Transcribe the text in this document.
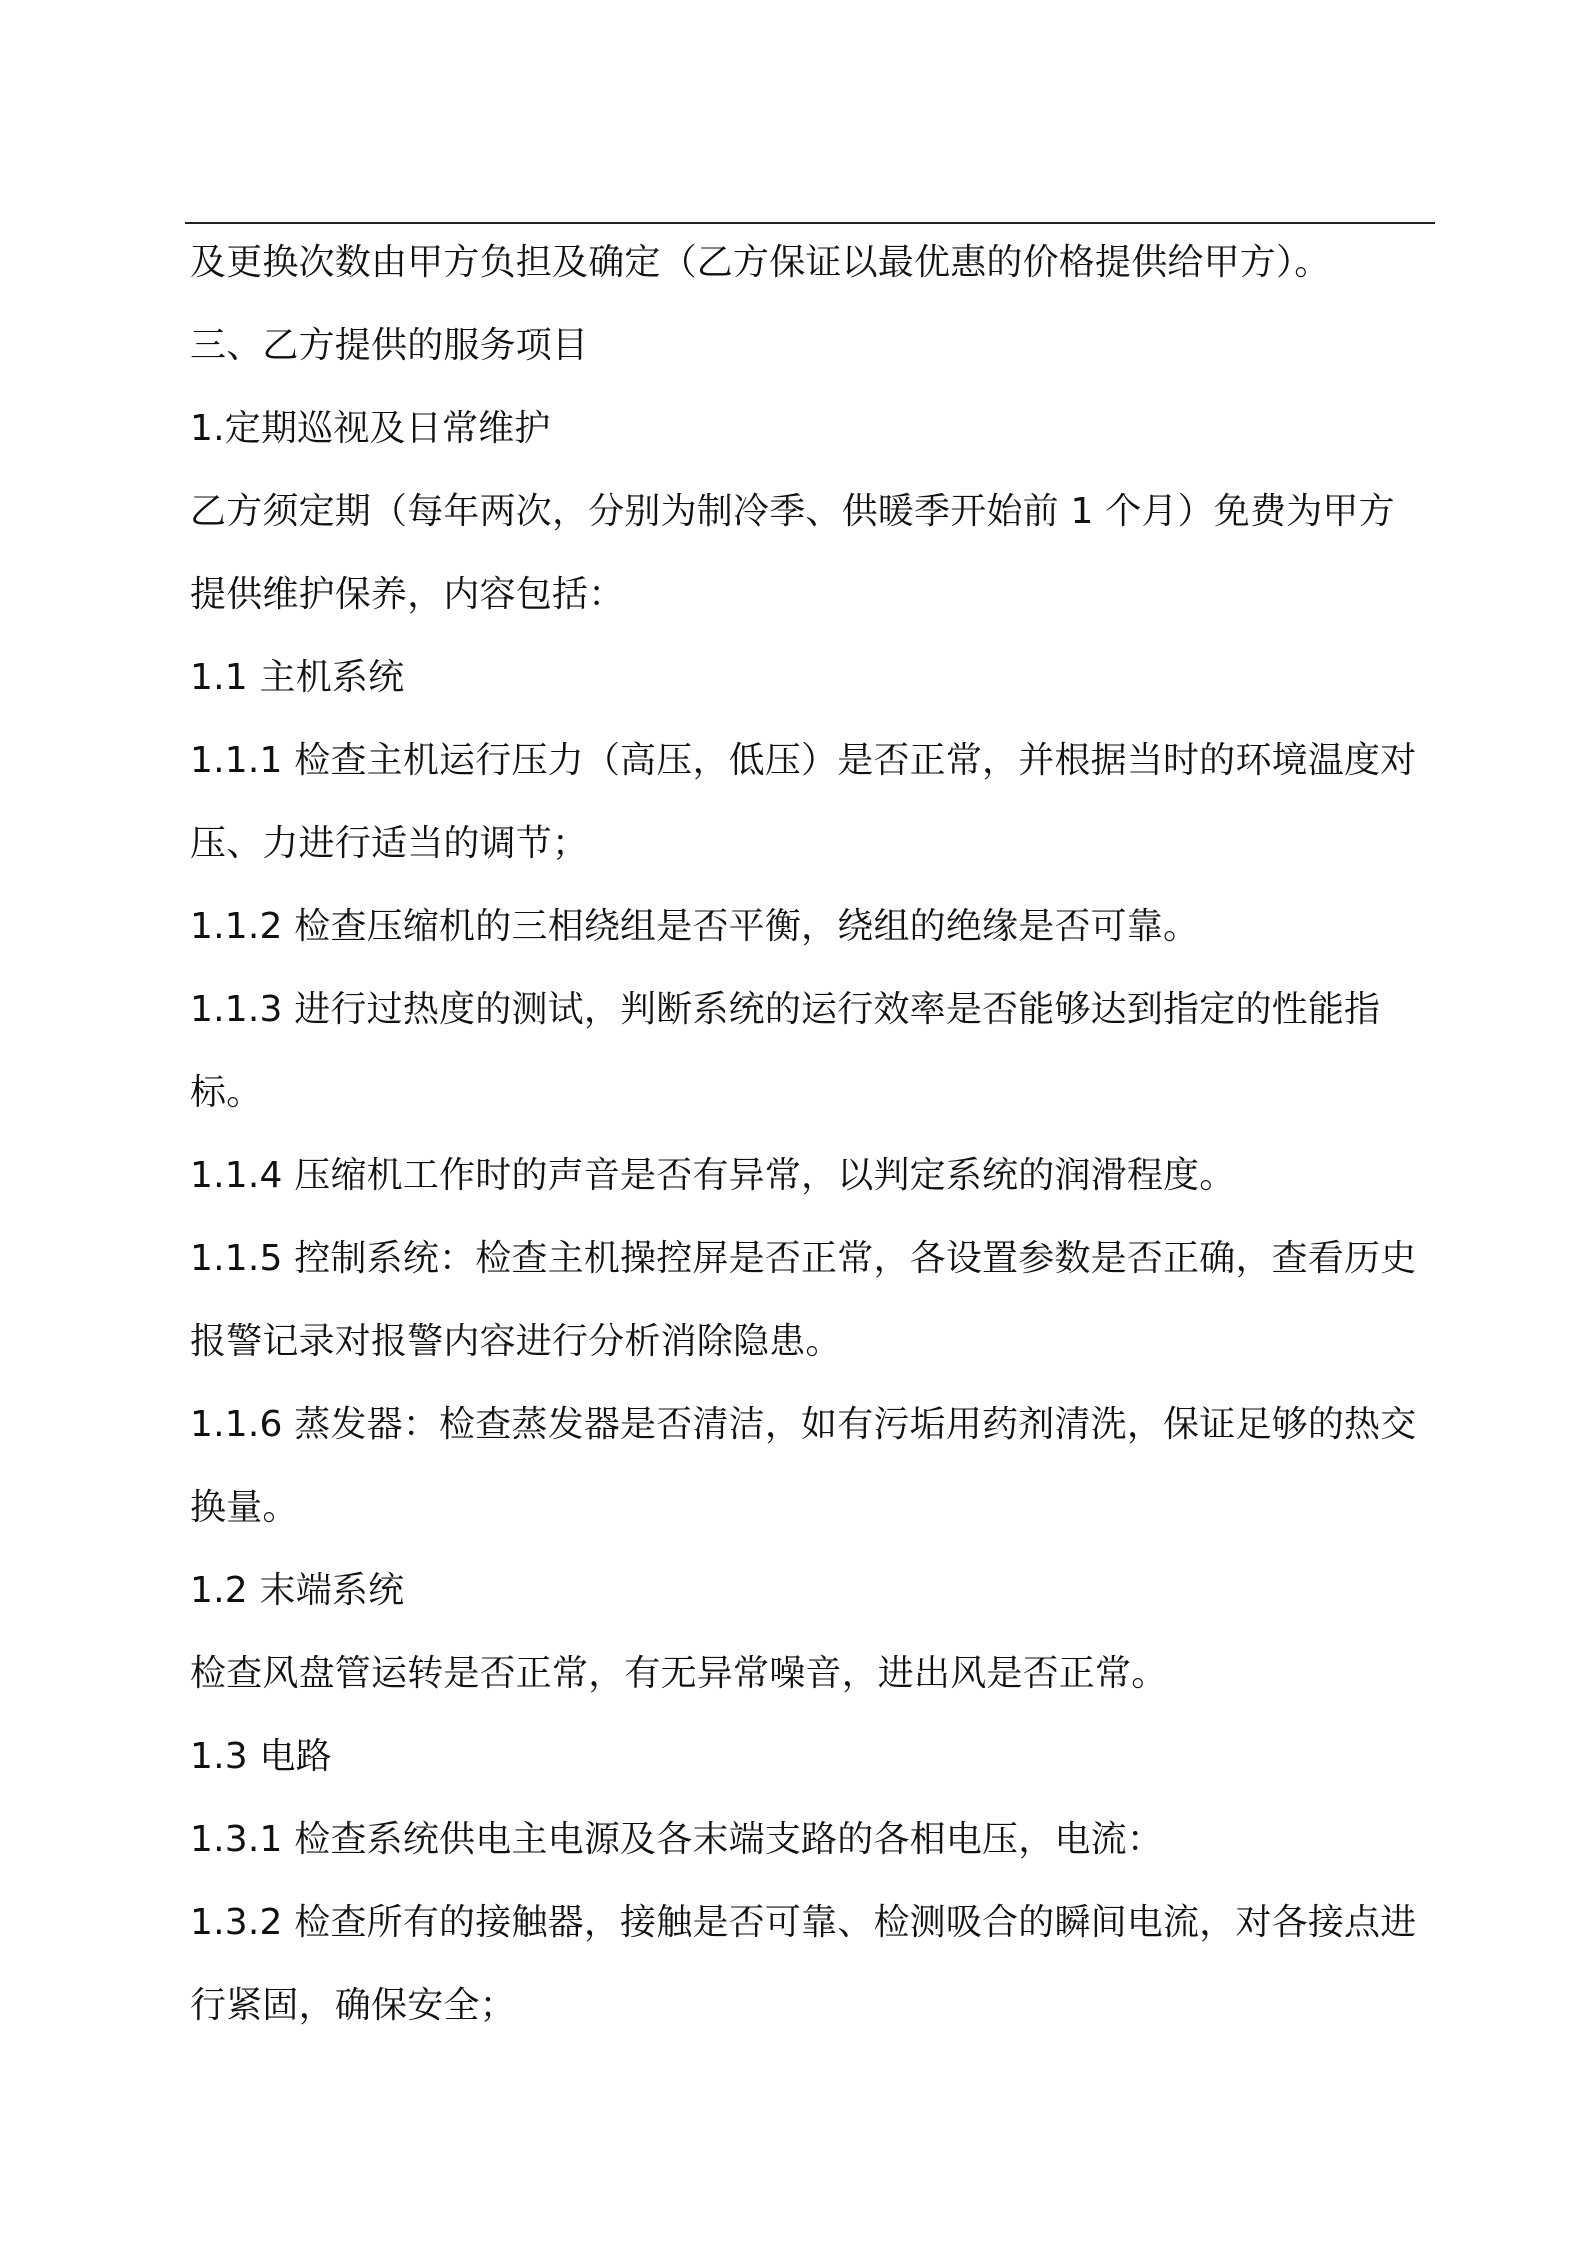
及更换次数由甲方负担及确定（乙方保证以最优惠的价格提供给甲方）。
三、乙方提供的服务项目
1.定期巡视及日常维护
乙方须定期（每年两次，分别为制冷季、供暖季开始前 1 个月）免费为甲方
提供维护保养，内容包括：
1.1 主机系统
1.1.1 检查主机运行压力（高压，低压）是否正常，并根据当时的环境温度对
压、力进行适当的调节；
1.1.2 检查压缩机的三相绕组是否平衡，绕组的绝缘是否可靠。
1.1.3 进行过热度的测试，判断系统的运行效率是否能够达到指定的性能指
标。
1.1.4 压缩机工作时的声音是否有异常，以判定系统的润滑程度。
1.1.5 控制系统：检查主机操控屏是否正常，各设置参数是否正确，查看历史
报警记录对报警内容进行分析消除隐患。
1.1.6 蒸发器：检查蒸发器是否清洁，如有污垢用药剂清洗，保证足够的热交
换量。
1.2 末端系统
检查风盘管运转是否正常，有无异常噪音，进出风是否正常。
1.3 电路
1.3.1 检查系统供电主电源及各末端支路的各相电压，电流：
1.3.2 检查所有的接触器，接触是否可靠、检测吸合的瞬间电流，对各接点进
行紧固，确保安全；
